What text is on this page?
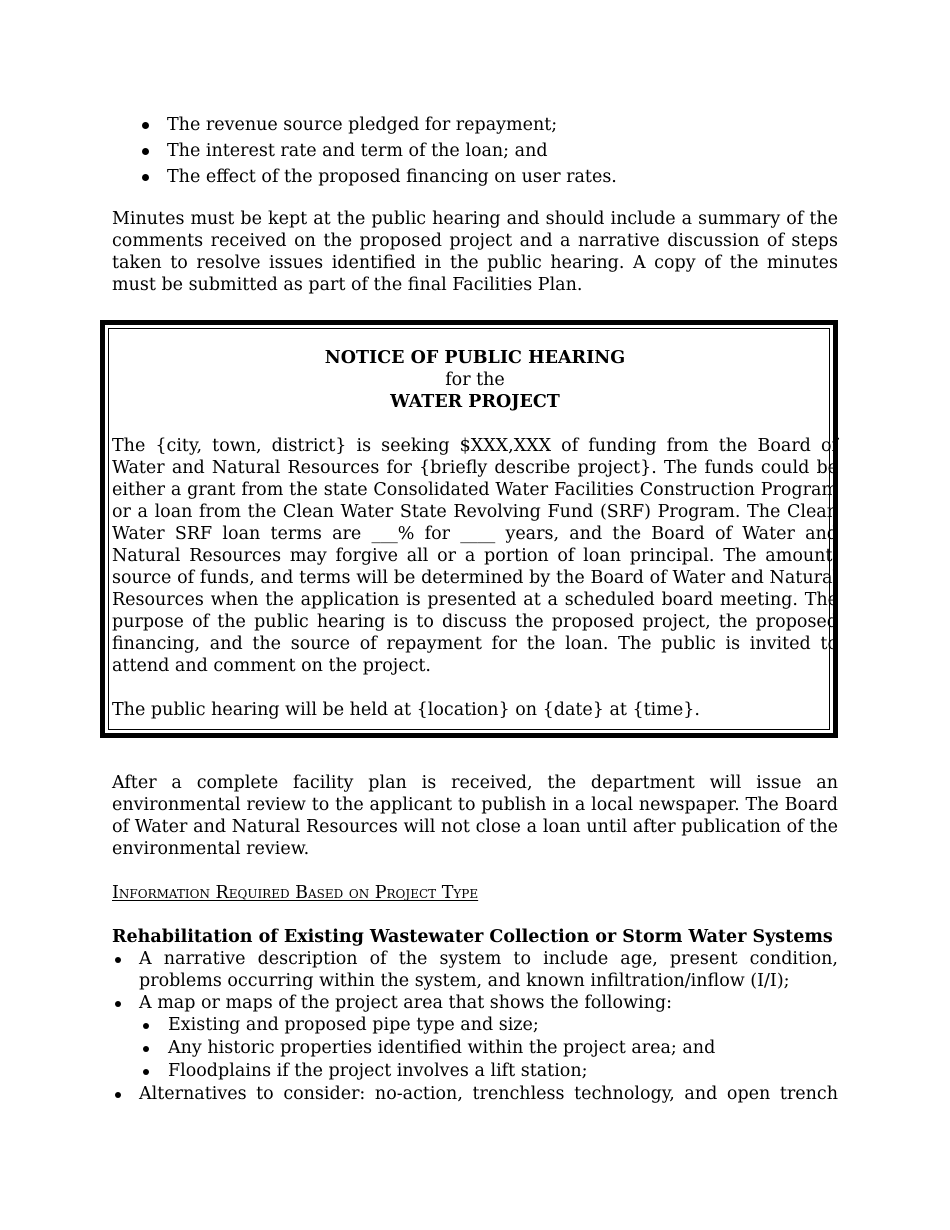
The revenue source pledged for repayment;
The interest rate and term of the loan; and
The effect of the proposed financing on user rates.

Minutes must be kept at the public hearing and should include a summary of the comments received on the proposed project and a narrative discussion of steps taken to resolve issues identified in the public hearing. A copy of the minutes must be submitted as part of the final Facilities Plan.

NOTICE OF PUBLIC HEARING
for the
WATER PROJECT

The {city, town, district} is seeking $XXX,XXX of funding from the Board of Water and Natural Resources for {briefly describe project}. The funds could be either a grant from the state Consolidated Water Facilities Construction Program or a loan from the Clean Water State Revolving Fund (SRF) Program. The Clean Water SRF loan terms are ___% for ____ years, and the Board of Water and Natural Resources may forgive all or a portion of loan principal. The amount, source of funds, and terms will be determined by the Board of Water and Natural Resources when the application is presented at a scheduled board meeting. The purpose of the public hearing is to discuss the proposed project, the proposed financing, and the source of repayment for the loan. The public is invited to attend and comment on the project.

The public hearing will be held at {location} on {date} at {time}.

After a complete facility plan is received, the department will issue an environmental review to the applicant to publish in a local newspaper. The Board of Water and Natural Resources will not close a loan until after publication of the environmental review.

Information Required Based on Project Type
Rehabilitation of Existing Wastewater Collection or Storm Water Systems
A narrative description of the system to include age, present condition, problems occurring within the system, and known infiltration/inflow (I/I);
A map or maps of the project area that shows the following:
Existing and proposed pipe type and size;
Any historic properties identified within the project area; and
Floodplains if the project involves a lift station;
Alternatives to consider: no-action, trenchless technology, and open trench
